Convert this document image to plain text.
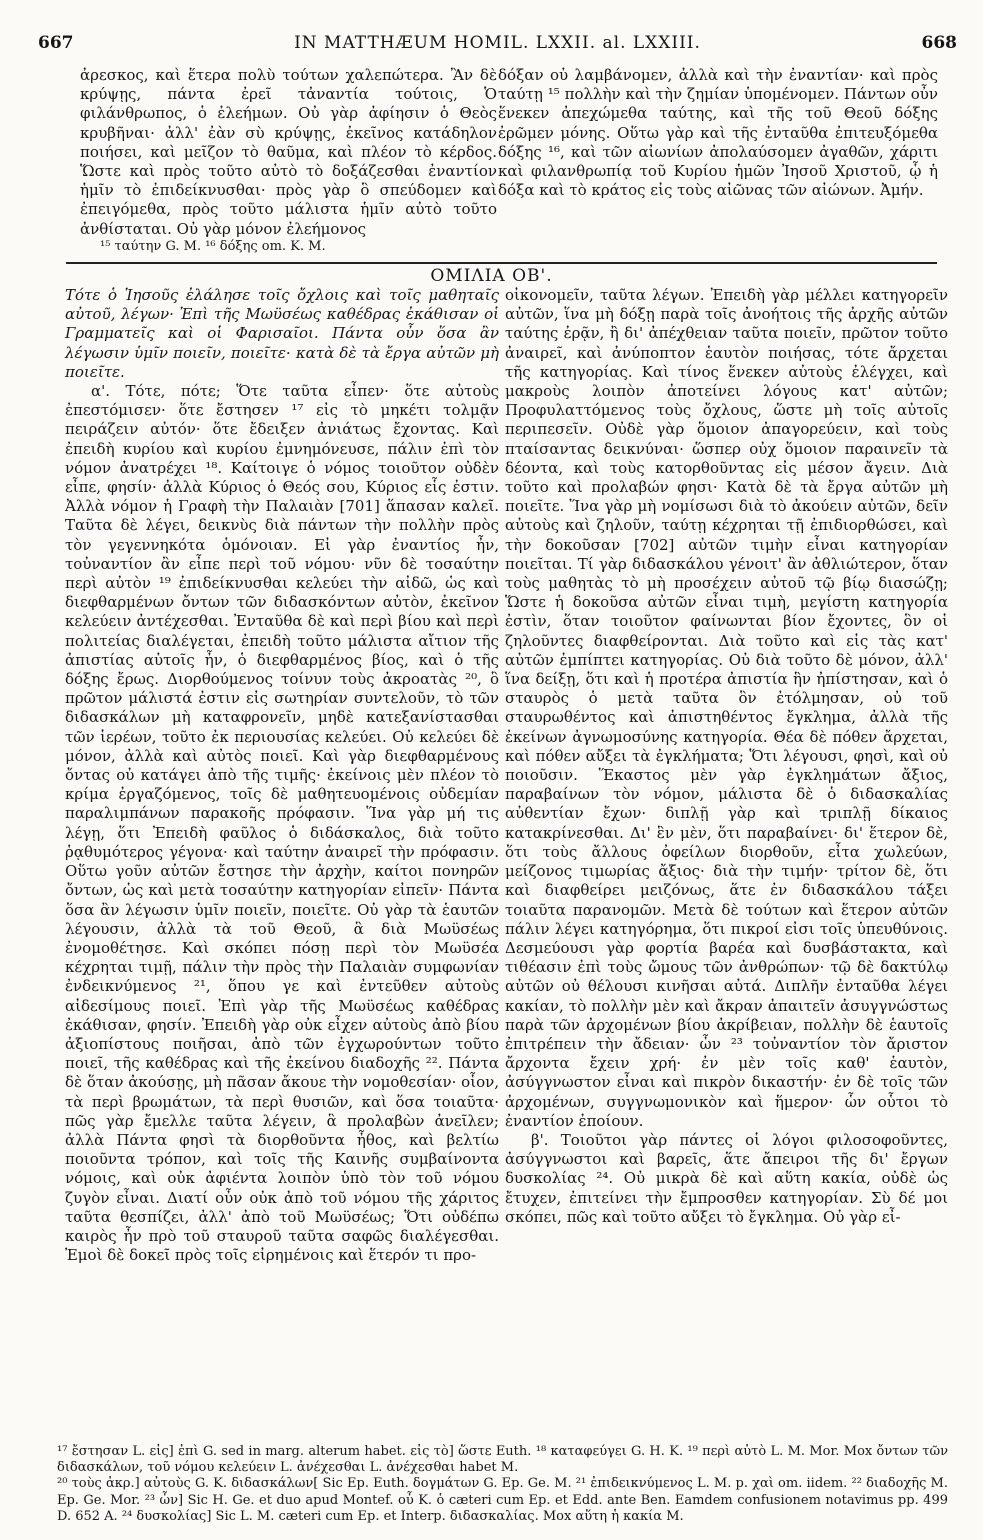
667	IN MATTHÆUM HOMIL. LXXII. al. LXXIII.	668

ἀρεσκος, καὶ ἕτερα πολὺ τούτων χαλεπώτερα. Ἂν δὲ κρύψῃς, πάντα ἐρεῖ τἀναντία τούτοις, Ὁ φιλάνθρωπος, ὁ ἐλεήμων. Οὐ γὰρ ἀφίησιν ὁ Θεὸς κρυβῆναι· ἀλλ' ἐὰν σὺ κρύψῃς, ἐκεῖνος κατάδηλον ποιήσει, καὶ μεῖζον τὸ θαῦμα, καὶ πλέον τὸ κέρδος. Ὥστε καὶ πρὸς τοῦτο αὐτὸ τὸ δοξάζεσθαι ἐναντίον ἡμῖν τὸ ἐπιδείκνυσθαι· πρὸς γὰρ ὃ σπεύδομεν καὶ ἐπειγόμεθα, πρὸς τοῦτο μάλιστα ἡμῖν αὐτὸ τοῦτο ἀνθίσταται. Οὐ γὰρ μόνον ἐλεήμονος

¹⁵ ταύτην G. M. ¹⁶ δόξης om. K. M.

δόξαν οὐ λαμβάνομεν, ἀλλὰ καὶ τὴν ἐναντίαν· καὶ πρὸς ταύτῃ ¹⁵ πολλὴν καὶ τὴν ζημίαν ὑπομένομεν. Πάντων οὖν ἕνεκεν ἀπεχώμεθα ταύτης, καὶ τῆς τοῦ Θεοῦ δόξης ἐρῶμεν μόνης. Οὕτω γὰρ καὶ τῆς ἐνταῦθα ἐπιτευξόμεθα δόξης ¹⁶, καὶ τῶν αἰωνίων ἀπολαύσομεν ἀγαθῶν, χάριτι καὶ φιλανθρωπίᾳ τοῦ Κυρίου ἡμῶν Ἰησοῦ Χριστοῦ, ᾧ ἡ δόξα καὶ τὸ κράτος εἰς τοὺς αἰῶνας τῶν αἰώνων. Ἀμήν.

ΟΜΙΛΙΑ ΟΒ'.

Τότε ὁ Ἰησοῦς ἐλάλησε τοῖς ὄχλοις καὶ τοῖς μαθηταῖς αὐτοῦ, λέγων· Ἐπὶ τῆς Μωϋσέως καθέδρας ἐκάθισαν οἱ Γραμματεῖς καὶ οἱ Φαρισαῖοι. Πάντα οὖν ὅσα ἂν λέγωσιν ὑμῖν ποιεῖν, ποιεῖτε· κατὰ δὲ τὰ ἔργα αὐτῶν μὴ ποιεῖτε.

α'. Τότε, πότε; Ὅτε ταῦτα εἶπεν· ὅτε αὐτοὺς ἐπεστόμισεν· ὅτε ἔστησεν ¹⁷ εἰς τὸ μηκέτι τολμᾷν πειράζειν αὐτόν· ὅτε ἔδειξεν ἀνιάτως ἔχοντας. Καὶ ἐπειδὴ κυρίου καὶ κυρίου ἐμνημόνευσε, πάλιν ἐπὶ τὸν νόμον ἀνατρέχει ¹⁸. Καίτοιγε ὁ νόμος τοιοῦτον οὐδὲν εἶπε, φησίν· ἀλλὰ Κύριος ὁ Θεός σου, Κύριος εἷς ἐστιν. Ἀλλὰ νόμον ἡ Γραφὴ τὴν Παλαιὰν [701] ἅπασαν καλεῖ. Ταῦτα δὲ λέγει, δεικνὺς διὰ πάντων τὴν πολλὴν πρὸς τὸν γεγεννηκότα ὁμόνοιαν. Εἰ γὰρ ἐναντίος ἦν, τοὐναντίον ἂν εἶπε περὶ τοῦ νόμου· νῦν δὲ τοσαύτην περὶ αὐτὸν ¹⁹ ἐπιδείκνυσθαι κελεύει τὴν αἰδῶ, ὡς καὶ διεφθαρμένων ὄντων τῶν διδασκόντων αὐτὸν, ἐκεῖνον κελεύειν ἀντέχεσθαι. Ἐνταῦθα δὲ καὶ περὶ βίου καὶ περὶ πολιτείας διαλέγεται, ἐπειδὴ τοῦτο μάλιστα αἴτιον τῆς ἀπιστίας αὐτοῖς ἦν, ὁ διεφθαρμένος βίος, καὶ ὁ τῆς δόξης ἔρως. Διορθούμενος τοίνυν τοὺς ἀκροατὰς ²⁰, ὃ πρῶτον μάλιστά ἐστιν εἰς σωτηρίαν συντελοῦν, τὸ τῶν διδασκάλων μὴ καταφρονεῖν, μηδὲ κατεξανίστασθαι τῶν ἱερέων, τοῦτο ἐκ περιουσίας κελεύει. Οὐ κελεύει δὲ μόνον, ἀλλὰ καὶ αὐτὸς ποιεῖ. Καὶ γὰρ διεφθαρμένους ὄντας οὐ κατάγει ἀπὸ τῆς τιμῆς· ἐκείνοις μὲν πλέον τὸ κρίμα ἐργαζόμενος, τοῖς δὲ μαθητευομένοις οὐδεμίαν παραλιμπάνων παρακοῆς πρόφασιν. Ἵνα γὰρ μή τις λέγῃ, ὅτι Ἐπειδὴ φαῦλος ὁ διδάσκαλος, διὰ τοῦτο ῥᾳθυμότερος γέγονα· καὶ ταύτην ἀναιρεῖ τὴν πρόφασιν. Οὕτω γοῦν αὐτῶν ἔστησε τὴν ἀρχὴν, καίτοι πονηρῶν ὄντων, ὡς καὶ μετὰ τοσαύτην κατηγορίαν εἰπεῖν· Πάντα ὅσα ἂν λέγωσιν ὑμῖν ποιεῖν, ποιεῖτε. Οὐ γὰρ τὰ ἑαυτῶν λέγουσιν, ἀλλὰ τὰ τοῦ Θεοῦ, ἃ διὰ Μωϋσέως ἐνομοθέτησε. Καὶ σκόπει πόσῃ περὶ τὸν Μωϋσέα κέχρηται τιμῇ, πάλιν τὴν πρὸς τὴν Παλαιὰν συμφωνίαν ἐνδεικνύμενος ²¹, ὅπου γε καὶ ἐντεῦθεν αὐτοὺς αἰδεσίμους ποιεῖ. Ἐπὶ γὰρ τῆς Μωϋσέως καθέδρας ἐκάθισαν, φησίν. Ἐπειδὴ γὰρ οὐκ εἶχεν αὐτοὺς ἀπὸ βίου ἀξιοπίστους ποιῆσαι, ἀπὸ τῶν ἐγχωρούντων τοῦτο ποιεῖ, τῆς καθέδρας καὶ τῆς ἐκείνου διαδοχῆς ²². Πάντα δὲ ὅταν ἀκούσῃς, μὴ πᾶσαν ἄκουε τὴν νομοθεσίαν· οἷον, τὰ περὶ βρωμάτων, τὰ περὶ θυσιῶν, καὶ ὅσα τοιαῦτα· πῶς γὰρ ἔμελλε ταῦτα λέγειν, ἃ προλαβὼν ἀνεῖλεν; ἀλλὰ Πάντα φησὶ τὰ διορθοῦντα ἦθος, καὶ βελτίω ποιοῦντα τρόπον, καὶ τοῖς τῆς Καινῆς συμβαίνοντα νόμοις, καὶ οὐκ ἀφιέντα λοιπὸν ὑπὸ τὸν τοῦ νόμου ζυγὸν εἶναι. Διατί οὖν οὐκ ἀπὸ τοῦ νόμου τῆς χάριτος ταῦτα θεσπίζει, ἀλλ' ἀπὸ τοῦ Μωϋσέως; Ὅτι οὐδέπω καιρὸς ἦν πρὸ τοῦ σταυροῦ ταῦτα σαφῶς διαλέγεσθαι. Ἐμοὶ δὲ δοκεῖ πρὸς τοῖς εἰρημένοις καὶ ἕτερόν τι προ-

οἰκονομεῖν, ταῦτα λέγων. Ἐπειδὴ γὰρ μέλλει κατηγορεῖν αὐτῶν, ἵνα μὴ δόξῃ παρὰ τοῖς ἀνοήτοις τῆς ἀρχῆς αὐτῶν ταύτης ἐρᾷν, ἢ δι' ἀπέχθειαν ταῦτα ποιεῖν, πρῶτον τοῦτο ἀναιρεῖ, καὶ ἀνύποπτον ἑαυτὸν ποιήσας, τότε ἄρχεται τῆς κατηγορίας. Καὶ τίνος ἕνεκεν αὐτοὺς ἐλέγχει, καὶ μακροὺς λοιπὸν ἀποτείνει λόγους κατ' αὐτῶν; Προφυλαττόμενος τοὺς ὄχλους, ὥστε μὴ τοῖς αὐτοῖς περιπεσεῖν. Οὐδὲ γὰρ ὅμοιον ἀπαγορεύειν, καὶ τοὺς πταίσαντας δεικνύναι· ὥσπερ οὐχ ὅμοιον παραινεῖν τὰ δέοντα, καὶ τοὺς κατορθοῦντας εἰς μέσον ἄγειν. Διὰ τοῦτο καὶ προλαβών φησι· Κατὰ δὲ τὰ ἔργα αὐτῶν μὴ ποιεῖτε. Ἵνα γὰρ μὴ νομίσωσι διὰ τὸ ἀκούειν αὐτῶν, δεῖν αὐτοὺς καὶ ζηλοῦν, ταύτῃ κέχρηται τῇ ἐπιδιορθώσει, καὶ τὴν δοκοῦσαν [702] αὐτῶν τιμὴν εἶναι κατηγορίαν ποιεῖται. Τί γὰρ διδασκάλου γένοιτ' ἂν ἀθλιώτερον, ὅταν τοὺς μαθητὰς τὸ μὴ προσέχειν αὐτοῦ τῷ βίῳ διασώζῃ; Ὥστε ἡ δοκοῦσα αὐτῶν εἶναι τιμὴ, μεγίστη κατηγορία ἐστὶν, ὅταν τοιοῦτον φαίνωνται βίον ἔχοντες, ὃν οἱ ζηλοῦντες διαφθείρονται. Διὰ τοῦτο καὶ εἰς τὰς κατ' αὐτῶν ἐμπίπτει κατηγορίας. Οὐ διὰ τοῦτο δὲ μόνον, ἀλλ' ἵνα δείξῃ, ὅτι καὶ ἡ προτέρα ἀπιστία ἣν ἠπίστησαν, καὶ ὁ σταυρὸς ὁ μετὰ ταῦτα ὃν ἐτόλμησαν, οὐ τοῦ σταυρωθέντος καὶ ἀπιστηθέντος ἔγκλημα, ἀλλὰ τῆς ἐκείνων ἀγνωμοσύνης κατηγορία. Θέα δὲ πόθεν ἄρχεται, καὶ πόθεν αὔξει τὰ ἐγκλήματα; Ὅτι λέγουσι, φησὶ, καὶ οὐ ποιοῦσιν. Ἕκαστος μὲν γὰρ ἐγκλημάτων ἄξιος, παραβαίνων τὸν νόμον, μάλιστα δὲ ὁ διδασκαλίας αὐθεντίαν ἔχων· διπλῇ γὰρ καὶ τριπλῇ δίκαιος κατακρίνεσθαι. Δι' ἓν μὲν, ὅτι παραβαίνει· δι' ἕτερον δὲ, ὅτι τοὺς ἄλλους ὀφείλων διορθοῦν, εἶτα χωλεύων, μείζονος τιμωρίας ἄξιος· διὰ τὴν τιμήν· τρίτον δὲ, ὅτι καὶ διαφθείρει μειζόνως, ἅτε ἐν διδασκάλου τάξει τοιαῦτα παρανομῶν. Μετὰ δὲ τούτων καὶ ἕτερον αὐτῶν πάλιν λέγει κατηγόρημα, ὅτι πικροί εἰσι τοῖς ὑπευθύνοις. Δεσμεύουσι γὰρ φορτία βαρέα καὶ δυσβάστακτα, καὶ τιθέασιν ἐπὶ τοὺς ὤμους τῶν ἀνθρώπων· τῷ δὲ δακτύλῳ αὐτῶν οὐ θέλουσι κινῆσαι αὐτά. Διπλῆν ἐνταῦθα λέγει κακίαν, τὸ πολλὴν μὲν καὶ ἄκραν ἀπαιτεῖν ἀσυγγνώστως παρὰ τῶν ἀρχομένων βίου ἀκρίβειαν, πολλὴν δὲ ἑαυτοῖς ἐπιτρέπειν τὴν ἄδειαν· ὧν ²³ τοὐναντίον τὸν ἄριστον ἄρχοντα ἔχειν χρή· ἐν μὲν τοῖς καθ' ἑαυτὸν, ἀσύγγνωστον εἶναι καὶ πικρὸν δικαστήν· ἐν δὲ τοῖς τῶν ἀρχομένων, συγγνωμονικὸν καὶ ἥμερον· ὧν οὗτοι τὸ ἐναντίον ἐποίουν.

β'. Τοιοῦτοι γὰρ πάντες οἱ λόγοι φιλοσοφοῦντες, ἀσύγγνωστοι καὶ βαρεῖς, ἅτε ἄπειροι τῆς δι' ἔργων δυσκολίας ²⁴. Οὐ μικρὰ δὲ καὶ αὕτη κακία, οὐδὲ ὡς ἔτυχεν, ἐπιτείνει τὴν ἔμπροσθεν κατηγορίαν. Σὺ δέ μοι σκόπει, πῶς καὶ τοῦτο αὔξει τὸ ἔγκλημα. Οὐ γὰρ εἶ-

¹⁷ ἔστησαν L. εἰς] ἐπὶ G. sed in marg. alterum habet. εἰς τὸ] ὥστε Euth. ¹⁸ καταφεύγει G. H. K. ¹⁹ περὶ αὐτὸ L. M. Mor. Mox ὄντων τῶν διδασκάλων, τοῦ νόμου κελεύειν L. ἀνέχεσθαι L. ἀνέχεσθαι habet M.

²⁰ τοὺς ἀκρ.] αὐτοὺς G. K. διδασκάλων[ Sic Ep. Euth. δογμάτων G. Ep. Ge. M. ²¹ ἐπιδεικνύμενος L. M. p. χαὶ om. iidem. ²² διαδοχῆς M. Ep. Ge. Mor. ²³ ὧν] Sic H. Ge. et duo apud Montef. οὗ K. ὁ cæteri cum Ep. et Edd. ante Ben. Eamdem confusionem notavimus pp. 499 D. 652 A. ²⁴ δυσκολίας] Sic L. M. cæteri cum Ep. et Interp. διδασκαλίας. Mox αὕτη ἡ κακία M.
